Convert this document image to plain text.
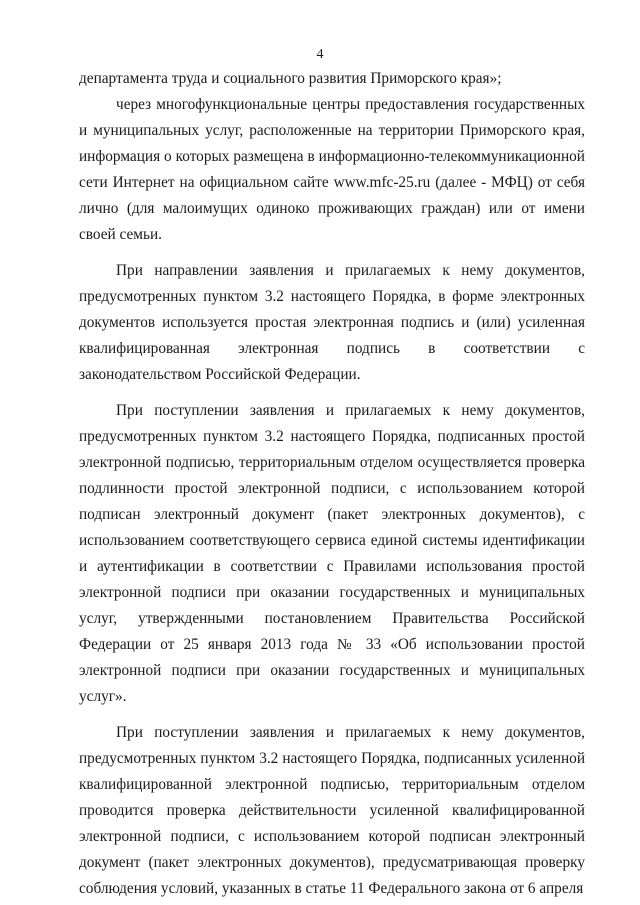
4

департамента труда и социального развития Приморского края»;

через многофункциональные центры предоставления государственных и муниципальных услуг, расположенные на территории Приморского края, информация о которых размещена в информационно-телекоммуникационной сети Интернет на официальном сайте www.mfc-25.ru (далее - МФЦ) от себя лично (для малоимущих одиноко проживающих граждан) или от имени своей семьи.

При направлении заявления и прилагаемых к нему документов, предусмотренных пунктом 3.2 настоящего Порядка, в форме электронных документов используется простая электронная подпись и (или) усиленная квалифицированная электронная подпись в соответствии с законодательством Российской Федерации.

При поступлении заявления и прилагаемых к нему документов, предусмотренных пунктом 3.2 настоящего Порядка, подписанных простой электронной подписью, территориальным отделом осуществляется проверка подлинности простой электронной подписи, с использованием которой подписан электронный документ (пакет электронных документов), с использованием соответствующего сервиса единой системы идентификации и аутентификации в соответствии с Правилами использования простой электронной подписи при оказании государственных и муниципальных услуг, утвержденными постановлением Правительства Российской Федерации от 25 января 2013 года № 33 «Об использовании простой электронной подписи при оказании государственных и муниципальных услуг».

При поступлении заявления и прилагаемых к нему документов, предусмотренных пунктом 3.2 настоящего Порядка, подписанных усиленной квалифицированной электронной подписью, территориальным отделом проводится проверка действительности усиленной квалифицированной электронной подписи, с использованием которой подписан электронный документ (пакет электронных документов), предусматривающая проверку соблюдения условий, указанных в статье 11 Федерального закона от 6 апреля
